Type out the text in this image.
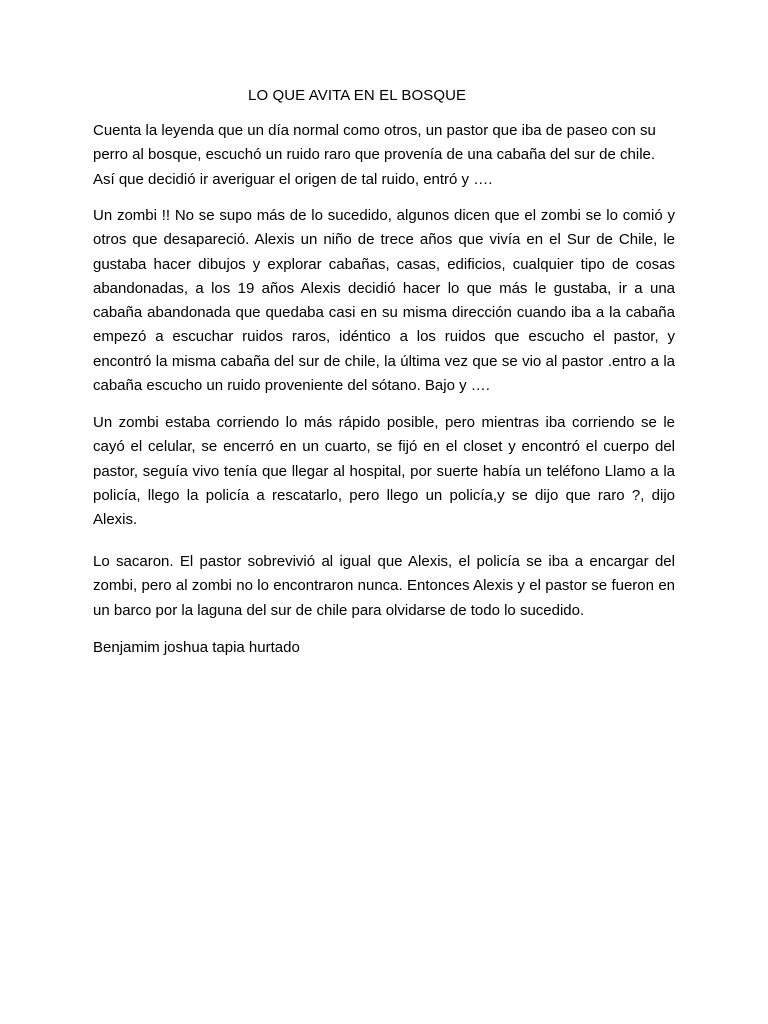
LO QUE AVITA EN EL BOSQUE

Cuenta la leyenda que un día normal como otros, un pastor que iba de paseo con su perro al bosque, escuchó un ruido raro que provenía de una cabaña del sur de chile. Así que decidió ir averiguar el origen de tal ruido, entró y ….

Un zombi !! No se supo más de lo sucedido, algunos dicen que el zombi se lo comió y otros que desapareció. Alexis un niño de trece años que vivía en el Sur de Chile, le gustaba hacer dibujos y explorar cabañas, casas, edificios, cualquier tipo de cosas abandonadas, a los 19 años Alexis decidió hacer lo que más le gustaba, ir a una cabaña abandonada que quedaba casi en su misma dirección cuando iba a la cabaña empezó a escuchar ruidos raros, idéntico a los ruidos que escucho el pastor, y encontró la misma cabaña del sur de chile, la última vez que se vio al pastor .entro a la cabaña escucho un ruido proveniente del sótano. Bajo y ….

Un zombi estaba corriendo lo más rápido posible, pero mientras iba corriendo se le cayó el celular, se encerró en un cuarto, se fijó en el closet y encontró el cuerpo del pastor, seguía vivo tenía que llegar al hospital, por suerte había un teléfono Llamo a la policía, llego la policía a rescatarlo, pero llego un policía,y se dijo que raro ?, dijo Alexis.

Lo sacaron. El pastor sobrevivió al igual que Alexis, el policía se iba a encargar del zombi, pero al zombi no lo encontraron nunca. Entonces Alexis y el pastor se fueron en un barco por la laguna del sur de chile para olvidarse de todo lo sucedido.

Benjamim joshua tapia hurtado
